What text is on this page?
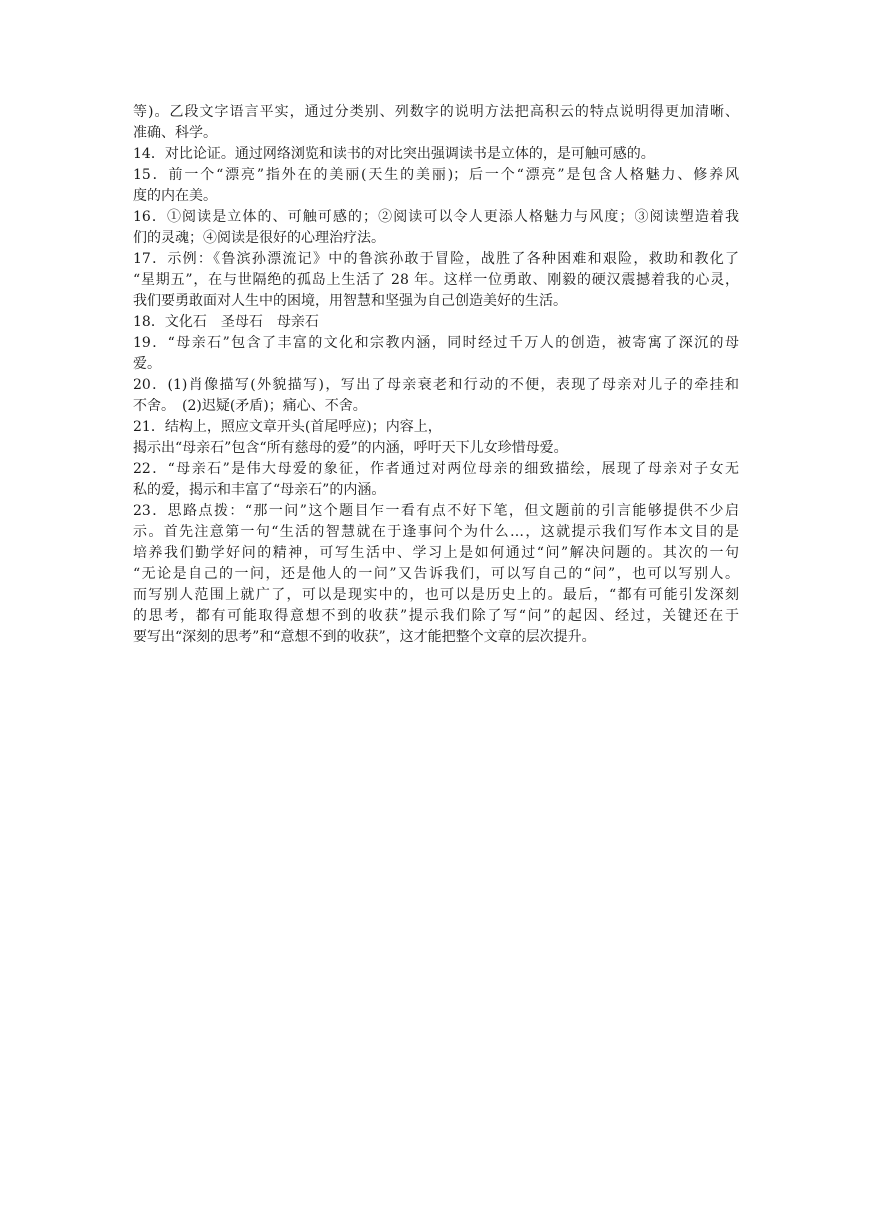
等)。乙段文字语言平实，通过分类别、列数字的说明方法把高积云的特点说明得更加清晰、
准确、科学。
14．对比论证。通过网络浏览和读书的对比突出强调读书是立体的，是可触可感的。
15．前一个“漂亮”指外在的美丽(天生的美丽)；后一个“漂亮”是包含人格魅力、修养风
度的内在美。
16．①阅读是立体的、可触可感的；②阅读可以令人更添人格魅力与风度；③阅读塑造着我
们的灵魂；④阅读是很好的心理治疗法。
17．示例：《鲁滨孙漂流记》中的鲁滨孙敢于冒险，战胜了各种困难和艰险，救助和教化了
“星期五”，在与世隔绝的孤岛上生活了 28 年。这样一位勇敢、刚毅的硬汉震撼着我的心灵，
我们要勇敢面对人生中的困境，用智慧和坚强为自己创造美好的生活。
18．文化石　圣母石　母亲石
19．“母亲石”包含了丰富的文化和宗教内涵，同时经过千万人的创造，被寄寓了深沉的母
爱。
20．(1)肖像描写(外貌描写)，写出了母亲衰老和行动的不便，表现了母亲对儿子的牵挂和
不舍。　(2)迟疑(矛盾)；痛心、不舍。
21．结构上，照应文章开头(首尾呼应)；内容上，
揭示出“母亲石”包含“所有慈母的爱”的内涵，呼吁天下儿女珍惜母爱。
22．“母亲石”是伟大母爱的象征，作者通过对两位母亲的细致描绘，展现了母亲对子女无
私的爱，揭示和丰富了“母亲石”的内涵。
23．思路点拨：“那一问”这个题目乍一看有点不好下笔，但文题前的引言能够提供不少启
示。首先注意第一句“生活的智慧就在于逢事问个为什么…，这就提示我们写作本文目的是
培养我们勤学好问的精神，可写生活中、学习上是如何通过“问”解决问题的。其次的一句
“无论是自己的一问，还是他人的一问”又告诉我们，可以写自己的“问”，也可以写别人。
而写别人范围上就广了，可以是现实中的，也可以是历史上的。最后，“都有可能引发深刻
的思考，都有可能取得意想不到的收获”提示我们除了写“问”的起因、经过，关键还在于
要写出“深刻的思考”和“意想不到的收获”，这才能把整个文章的层次提升。
